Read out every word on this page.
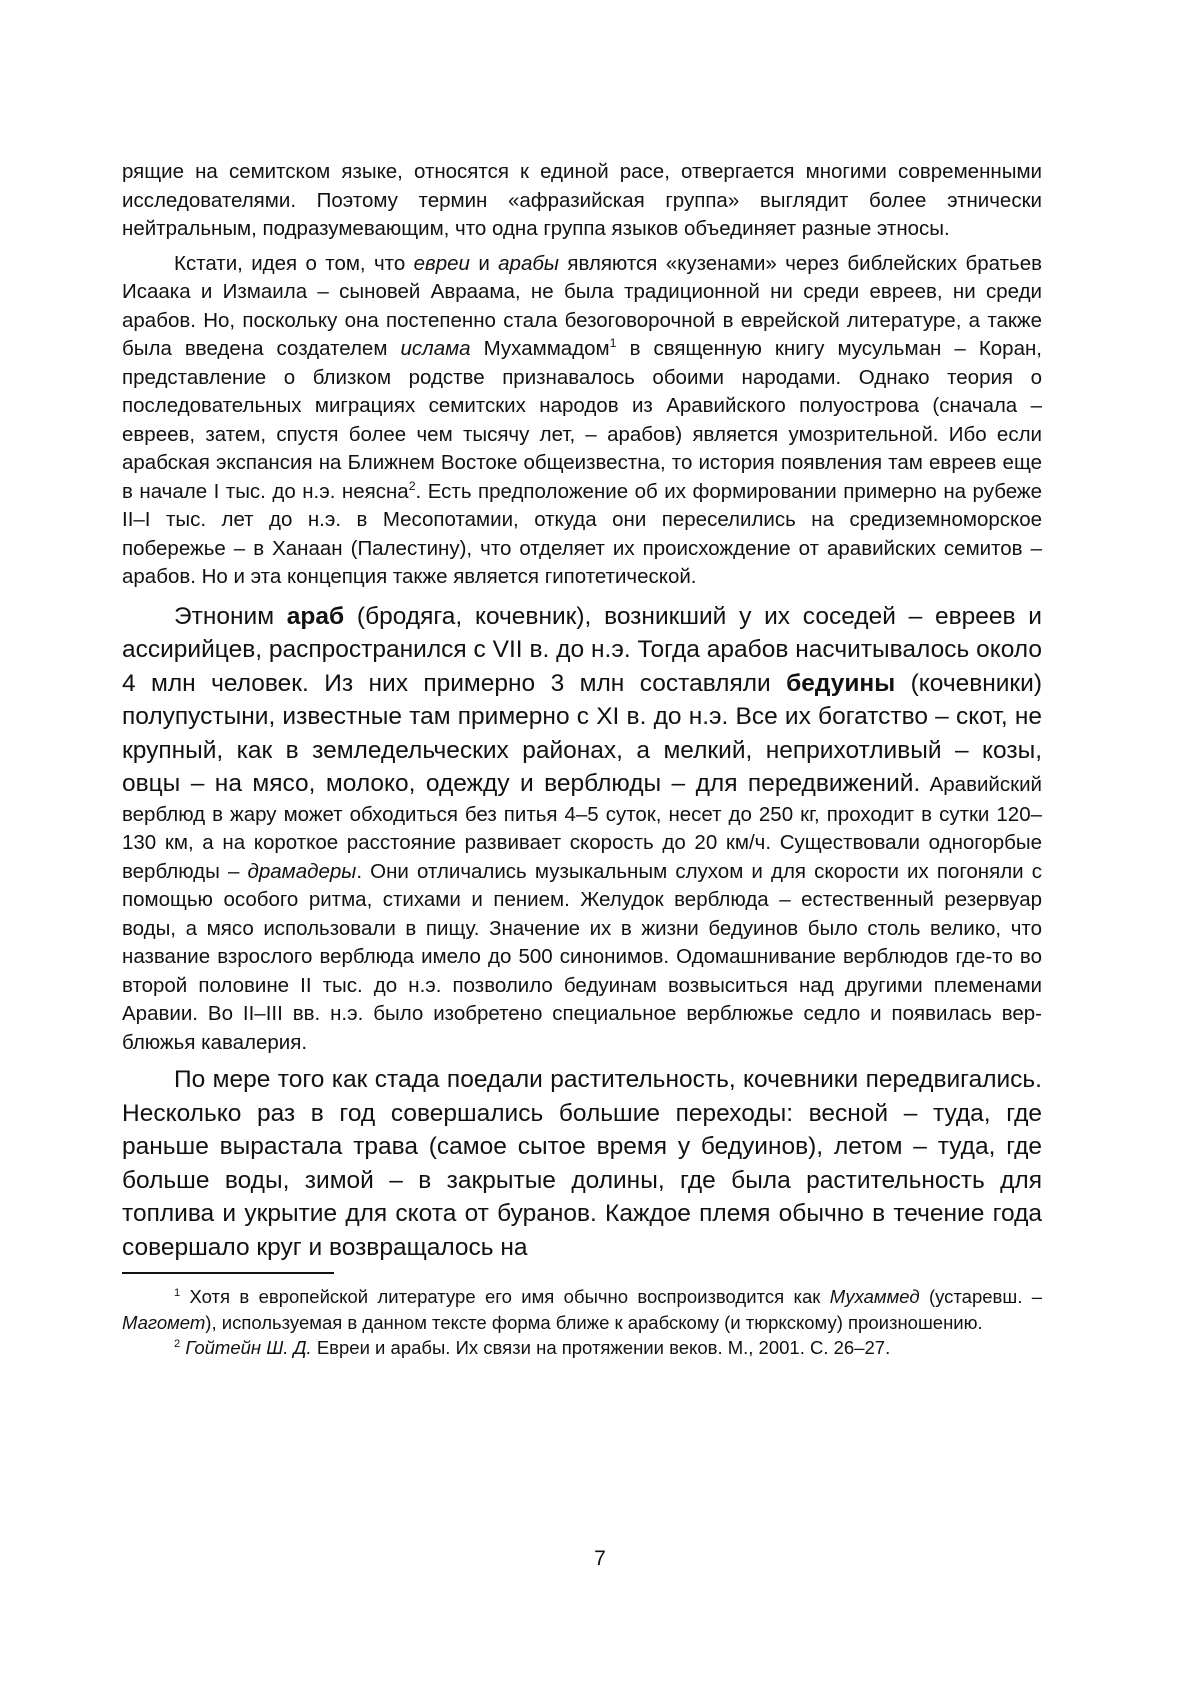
рящие на семитском языке, относятся к единой расе, отвергается многими современными исследователями. Поэтому термин «афразийская группа» выглядит более этнически нейтральным, подразумевающим, что одна группа языков объединяет разные этносы.

Кстати, идея о том, что евреи и арабы являются «кузенами» через библейских братьев Исаака и Измаила – сыновей Авраама, не была традиционной ни среди евреев, ни среди арабов. Но, поскольку она постепенно стала безоговорочной в еврейской литературе, а также была введена создателем ислама Мухаммадом$^1$ в священную книгу мусульман – Коран, представление о близком родстве признавалось обоими народами. Однако теория о последовательных миграциях семитских народов из Аравийского полуострова (сначала – евреев, затем, спустя более чем тысячу лет, – арабов) является умозрительной. Ибо если арабская экспансия на Ближнем Востоке общеизвестна, то история появления там евреев еще в начале I тыс. до н.э. неясна$^2$. Есть предположение об их формировании примерно на рубеже II–I тыс. лет до н.э. в Месопотамии, откуда они переселились на средиземноморское побережье – в Ханаан (Палестину), что отделяет их происхождение от аравийских семитов – арабов. Но и эта концепция также является гипотетической.

Этноним араб (бродяга, кочевник), возникший у их соседей – евреев и ассирийцев, распространился с VII в. до н.э. Тогда арабов насчитывалось около 4 млн человек. Из них примерно 3 млн составляли бедуины (кочевники) полупустыни, известные там примерно с XI в. до н.э. Все их богатство – скот, не крупный, как в земледельческих районах, а мелкий, неприхотливый – козы, овцы – на мясо, молоко, одежду и верблюды – для передвижений. Аравийский верблюд в жару может обходиться без питья 4–5 суток, несет до 250 кг, проходит в сутки 120–130 км, а на короткое расстояние развивает скорость до 20 км/ч. Существовали одногорбые верблюды – драмадеры. Они отличались музыкальным слухом и для скорости их погоняли с помощью особого ритма, стихами и пением. Желудок верблюда – естественный резервуар воды, а мясо использовали в пищу. Значение их в жизни бедуинов было столь велико, что название взрослого верблюда имело до 500 синонимов. Одомашнивание верблюдов где-то во второй половине II тыс. до н.э. позволило бедуинам возвыситься над другими племенами Аравии. Во II–III вв. н.э. было изобретено специальное верблюжье седло и появилась верблюжья кавалерия.

По мере того как стада поедали растительность, кочевники передвигались. Несколько раз в год совершались большие переходы: весной – туда, где раньше вырастала трава (самое сытое время у бедуинов), летом – туда, где больше воды, зимой – в закрытые долины, где была растительность для топлива и укрытие для скота от буранов. Каждое племя обычно в течение года совершало круг и возвращалось на

$^1$ Хотя в европейской литературе его имя обычно воспроизводится как Мухаммед (устаревш. – Магомет), используемая в данном тексте форма ближе к арабскому (и тюркскому) произношению.

$^2$ Гойтейн Ш. Д. Евреи и арабы. Их связи на протяжении веков. М., 2001. С. 26–27.

7
